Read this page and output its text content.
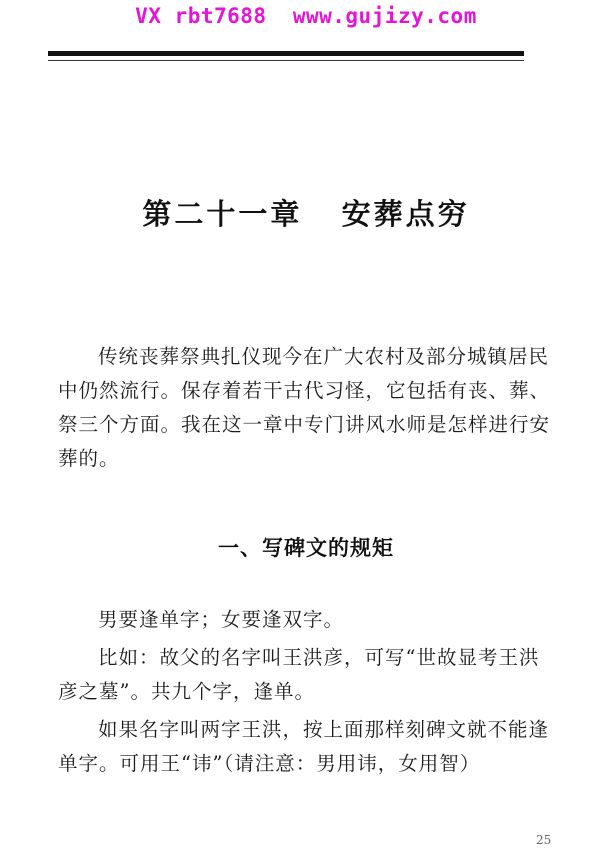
VX rbt7688  www.gujizy.com
第二十一章   安葬点穷

传统丧葬祭典扎仪现今在广大农村及部分城镇居民中仍然流行。保存着若干古代习怪，它包括有丧、葬、祭三个方面。我在这一章中专门讲风水师是怎样进行安葬的。

一、写碑文的规矩

男要逢单字；女要逢双字。

比如：故父的名字叫王洪彦，可写“世故显考王洪彦之墓”。共九个字，逢单。

如果名字叫两字王洪，按上面那样刻碑文就不能逢单字。可用王“讳”（请注意：男用讳，女用智）

25
